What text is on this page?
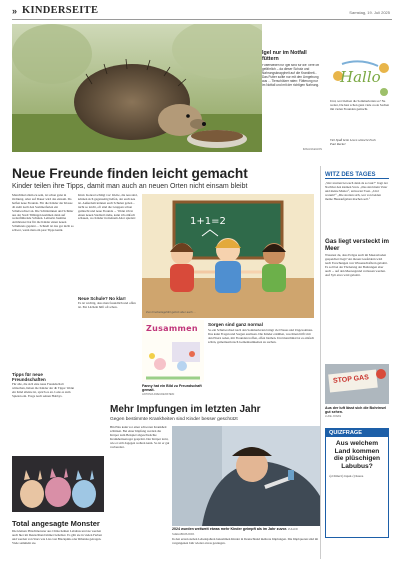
» KINDERSEITE	Samstag, 19. Juli 2025
Igel nur im Notfall füttern
Futterstellen für Igel sind für die Tiere oft gefährlich – da dieser Schutz und Nahrungsknappheit auf die Krankheit... Das Futter sollte nur mit den Umgebung aus ... Tierschützer raten: Fütterung nur im Notfall und mit der richtigen Nahrung.
IMAGO/LEGION
Hallo
Und, wer bleiben die Sommerferien so? Na weiter, Du hast schon ganz viele coole Sachen mit vielen Freunden gemacht.
Viel Spaß beim Lesen wünscht Euch
Paul Rucker
Neue Freunde finden leicht gemacht
Kinder teilen ihre Tipps, damit man auch an neuen Orten nicht einsam bleibt
Manchmal allein zu sein, ist schon ganz in Ordnung. Aber auf Dauer wird das einsam. Da helfen neue Freunde. Für die Kinder der Klasse 4b steht nach den Sommerferien ein Schulwechsel an. Die Schülerinnen und Schüler aus der Stadt Tübingen kommen dann auf weiterführende Schulen. Lehrerin Jasmina Armbruster hat für die Kinder einen neuen Schulkreis geplant ... Schnell ist das gar nicht so schwer, wenn man ein paar Tipps kennt.
Tipps für neue Freundschaften
Für alle, die sich eine neue Freundschaft wünschen, haben die Kinder der 4b Tipps: Wenn ein Kind alleine ist, sprich es an. Lade es zum Spielen ein. Frage nach seinen Hobbys.
Kind. Konrad schlägt vor: Klebe, die neu sind, können sich gegenseitig helfen, der euch neu ist. Außerdem können euch Schulen geben – nicht so leicht, oft sind die Gruppen schon gemischt und neue Freunde ... 'Wenn ich in einen neuen Stadtteil ziehe, kann ich einfach schauen, wo Kinder in meinem Alter spielen'.
Neue Schule? No klar!
Es ist wichtig, dass man freundlich und offen ist. Ein Lächeln hilft oft schon.
1+1=2
Zum Freiheitsgefühl gehört aber auch ...
Zusammen
Fanny hat ein Bild zu Freundschaft gemalt.
ANTONIA FREUDENSTEIN
Sorgen sind ganz normal
So ein Schulwechsel nach den Sommerferien bringt viel Neues und Ungewohntes. Das kann Fragen und Sorgen auslösen. Die Kinder erzählen, was ihnen hilft: mit den Eltern reden, mit Freunden treffen, offen bleiben. Und manchmal ist es einfach schön, gemeinsam nach Gemeinsamkeiten zu suchen.
WITZ DES TAGES
„Wer streiten bei euch denn da so laut?“ fragt der Nachbar den kleinen Sven. „Das sind mein Vater und meine Mutter“, antwortet Sven. „Und warum?“ „Die streiten sich, wer von beiden meine Hausaufgaben machen soll.“
Gas liegt versteckt im Meer
Wusstest du, dass Erdgas auch im Meeresboden gespeichert liegt? An diesen Gasfeldern wird nach Forschungen von Wissenschaftlern gebohrt. Es soll bei der Förderung der Bohrungen aber auch ... auf den Meeresgrund verlassen werden. Auf Sylt etwa wird gebohrt.
STOP GAS
Aus der luft lässt sich die Bohrinsel gut sehen.
LUKE JONAS
QUIZFRAGE
Aus welchem Land kommen die plüschigen Labubus?
a) China b) Japan c) Korea
Mehr Impfungen im letzten Jahr
Gegen bestimmte Krankheiten sind Kinder besser geschützt
Bin Piks kann vor einer schweren Krankheit schützen. Bei einer Impfung werden die Körper zum Beispiel abgeschwächte Krankheitserreger gespritzt. Der Körper lernt, wie er sich dagegen wehren kann. So ist er gut vorbereitet.
2024 wurden weltweit etwas mehr Kinder geimpft als im Jahr zuvor. ZUHAIR SHEHABI/WU/DPA
In den ersten sieben Lebensjahren bekommen Kinder in Deutschland mehrere Impfungen. Die Impfquoten sind im vergangenen Jahr wieder etwas gestiegen.
Total angesagte Monster
Die kleinen Plüschmonster aus China heißen Labubus und sie werden auch hier im Deutschland immer beliebter. Es gibt sie in vielen Farben und werden von Stars wie Lisa von Blackpink oder Rihanna getragen. Viele sammeln sie.
